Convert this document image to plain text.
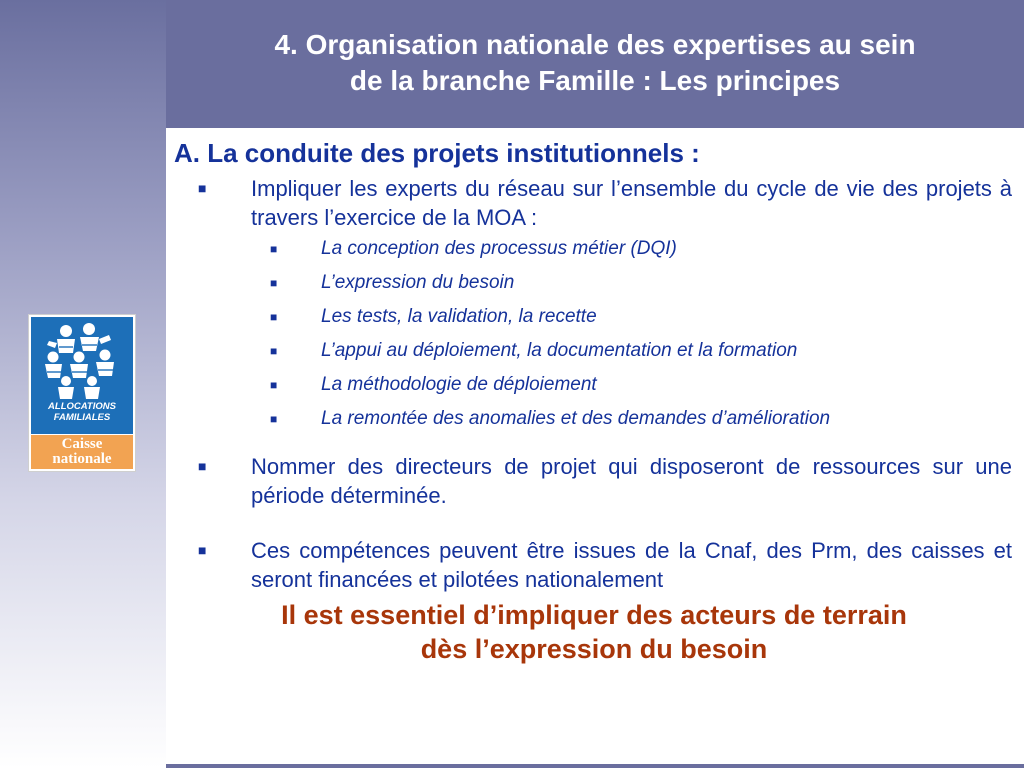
4. Organisation nationale des expertises au sein
de la branche Famille : Les principes
ALLOCATIONS
FAMILIALES
Caisse
nationale
A. La conduite des projets institutionnels :
■ Impliquer les experts du réseau sur l’ensemble du cycle de vie des projets à travers l’exercice de la MOA :
■ La conception des processus métier (DQI)
■ L’expression du besoin
■ Les tests, la validation, la recette
■ L’appui au déploiement, la documentation et la formation
■ La méthodologie de déploiement
■ La remontée des anomalies et des demandes d’amélioration
■ Nommer des directeurs de projet qui disposeront de ressources sur une période déterminée.
■ Ces compétences peuvent être issues de la Cnaf, des Prm, des caisses et seront financées et pilotées nationalement
Il est essentiel d’impliquer des acteurs de terrain
dès l’expression du besoin
